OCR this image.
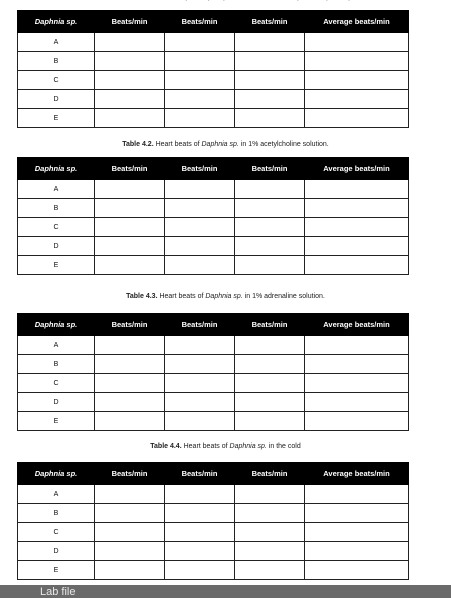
Daphnia sp.	Beats/min	Beats/min	Beats/min	Average beats/min
A				
B				
C				
D				
E				
Table 4.2. Heart beats of Daphnia sp. in 1% acetylcholine solution.
Daphnia sp.	Beats/min	Beats/min	Beats/min	Average beats/min
A				
B				
C				
D				
E				
Table 4.3. Heart beats of Daphnia sp. in 1% adrenaline solution.
Daphnia sp.	Beats/min	Beats/min	Beats/min	Average beats/min
A				
B				
C				
D				
E				
Table 4.4. Heart beats of Daphnia sp. in the cold
Daphnia sp.	Beats/min	Beats/min	Beats/min	Average beats/min
A				
B				
C				
D				
E				
Lab file
